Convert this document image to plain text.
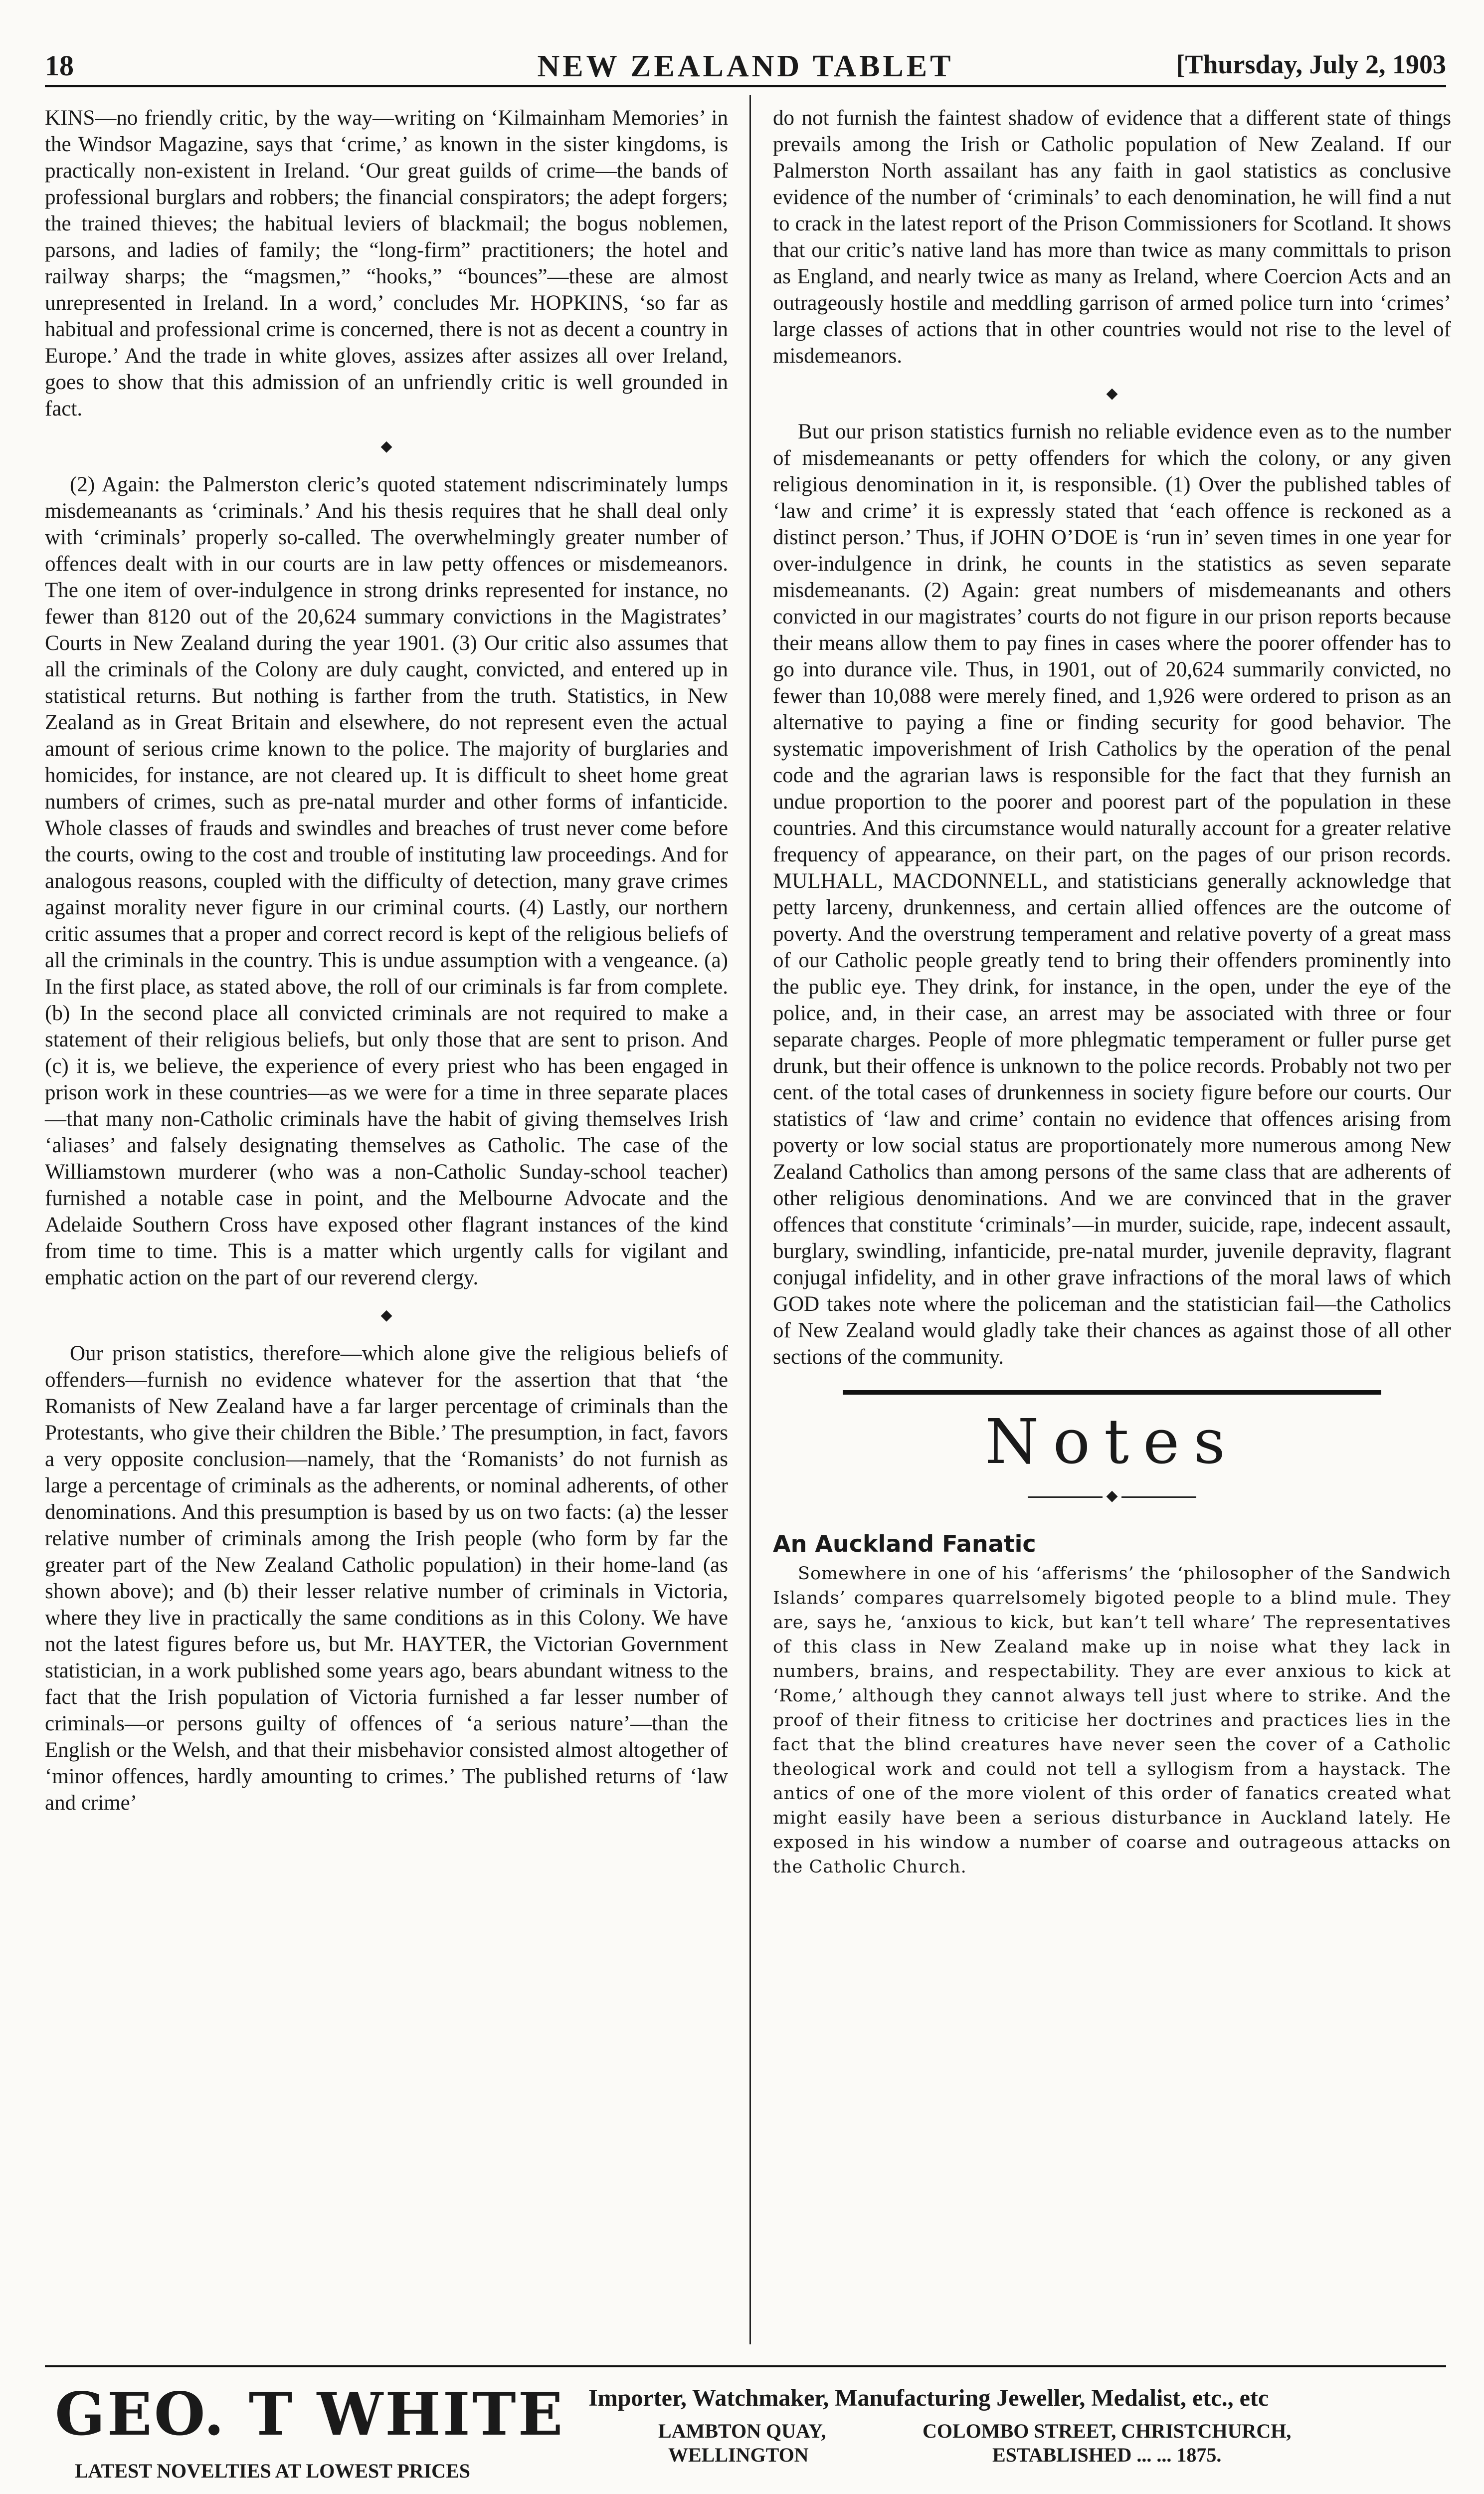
18	NEW ZEALAND TABLET	[Thursday, July 2, 1903

KINS—no friendly critic, by the way—writing on ‘Kilmainham Memories’ in the Windsor Magazine, says that ‘crime,’ as known in the sister kingdoms, is practically non-existent in Ireland. ‘Our great guilds of crime—the bands of professional burglars and robbers; the financial conspirators; the adept forgers; the trained thieves; the habitual leviers of blackmail; the bogus noblemen, parsons, and ladies of family; the “long-firm” practitioners; the hotel and railway sharps; the “magsmen,” “hooks,” “bounces”—these are almost unrepresented in Ireland. In a word,’ concludes Mr. HOPKINS, ‘so far as habitual and professional crime is concerned, there is not as decent a country in Europe.’ And the trade in white gloves, assizes after assizes all over Ireland, goes to show that this admission of an unfriendly critic is well grounded in fact.

◆

(2) Again: the Palmerston cleric’s quoted statement ndiscriminately lumps misdemeanants as ‘criminals.’ And his thesis requires that he shall deal only with ‘criminals’ properly so-called. The overwhelmingly greater number of offences dealt with in our courts are in law petty offences or misdemeanors. The one item of over-indulgence in strong drinks represented for instance, no fewer than 8120 out of the 20,624 summary convictions in the Magistrates’ Courts in New Zealand during the year 1901. (3) Our critic also assumes that all the criminals of the Colony are duly caught, convicted, and entered up in statistical returns. But nothing is farther from the truth. Statistics, in New Zealand as in Great Britain and elsewhere, do not represent even the actual amount of serious crime known to the police. The majority of burglaries and homicides, for instance, are not cleared up. It is difficult to sheet home great numbers of crimes, such as pre-natal murder and other forms of infanticide. Whole classes of frauds and swindles and breaches of trust never come before the courts, owing to the cost and trouble of instituting law proceedings. And for analogous reasons, coupled with the difficulty of detection, many grave crimes against morality never figure in our criminal courts. (4) Lastly, our northern critic assumes that a proper and correct record is kept of the religious beliefs of all the criminals in the country. This is undue assumption with a vengeance. (a) In the first place, as stated above, the roll of our criminals is far from complete. (b) In the second place all convicted criminals are not required to make a statement of their religious beliefs, but only those that are sent to prison. And (c) it is, we believe, the experience of every priest who has been engaged in prison work in these countries—as we were for a time in three separate places—that many non-Catholic criminals have the habit of giving themselves Irish ‘aliases’ and falsely designating themselves as Catholic. The case of the Williamstown murderer (who was a non-Catholic Sunday-school teacher) furnished a notable case in point, and the Melbourne Advocate and the Adelaide Southern Cross have exposed other flagrant instances of the kind from time to time. This is a matter which urgently calls for vigilant and emphatic action on the part of our reverend clergy.

◆

Our prison statistics, therefore—which alone give the religious beliefs of offenders—furnish no evidence whatever for the assertion that that ‘the Romanists of New Zealand have a far larger percentage of criminals than the Protestants, who give their children the Bible.’ The presumption, in fact, favors a very opposite conclusion—namely, that the ‘Romanists’ do not furnish as large a percentage of criminals as the adherents, or nominal adherents, of other denominations. And this presumption is based by us on two facts: (a) the lesser relative number of criminals among the Irish people (who form by far the greater part of the New Zealand Catholic population) in their home-land (as shown above); and (b) their lesser relative number of criminals in Victoria, where they live in practically the same conditions as in this Colony. We have not the latest figures before us, but Mr. HAYTER, the Victorian Government statistician, in a work published some years ago, bears abundant witness to the fact that the Irish population of Victoria furnished a far lesser number of criminals—or persons guilty of offences of ‘a serious nature’—than the English or the Welsh, and that their misbehavior consisted almost altogether of ‘minor offences, hardly amounting to crimes.’ The published returns of ‘law and crime’

do not furnish the faintest shadow of evidence that a different state of things prevails among the Irish or Catholic population of New Zealand. If our Palmerston North assailant has any faith in gaol statistics as conclusive evidence of the number of ‘criminals’ to each denomination, he will find a nut to crack in the latest report of the Prison Commissioners for Scotland. It shows that our critic’s native land has more than twice as many committals to prison as England, and nearly twice as many as Ireland, where Coercion Acts and an outrageously hostile and meddling garrison of armed police turn into ‘crimes’ large classes of actions that in other countries would not rise to the level of misdemeanors.

◆

But our prison statistics furnish no reliable evidence even as to the number of misdemeanants or petty offenders for which the colony, or any given religious denomination in it, is responsible. (1) Over the published tables of ‘law and crime’ it is expressly stated that ‘each offence is reckoned as a distinct person.’ Thus, if JOHN O’DOE is ‘run in’ seven times in one year for over-indulgence in drink, he counts in the statistics as seven separate misdemeanants. (2) Again: great numbers of misdemeanants and others convicted in our magistrates’ courts do not figure in our prison reports because their means allow them to pay fines in cases where the poorer offender has to go into durance vile. Thus, in 1901, out of 20,624 summarily convicted, no fewer than 10,088 were merely fined, and 1,926 were ordered to prison as an alternative to paying a fine or finding security for good behavior. The systematic impoverishment of Irish Catholics by the operation of the penal code and the agrarian laws is responsible for the fact that they furnish an undue proportion to the poorer and poorest part of the population in these countries. And this circumstance would naturally account for a greater relative frequency of appearance, on their part, on the pages of our prison records. MULHALL, MACDONNELL, and statisticians generally acknowledge that petty larceny, drunkenness, and certain allied offences are the outcome of poverty. And the overstrung temperament and relative poverty of a great mass of our Catholic people greatly tend to bring their offenders prominently into the public eye. They drink, for instance, in the open, under the eye of the police, and, in their case, an arrest may be associated with three or four separate charges. People of more phlegmatic temperament or fuller purse get drunk, but their offence is unknown to the police records. Probably not two per cent. of the total cases of drunkenness in society figure before our courts. Our statistics of ‘law and crime’ contain no evidence that offences arising from poverty or low social status are proportionately more numerous among New Zealand Catholics than among persons of the same class that are adherents of other religious denominations. And we are convinced that in the graver offences that constitute ‘criminals’—in murder, suicide, rape, indecent assault, burglary, swindling, infanticide, pre-natal murder, juvenile depravity, flagrant conjugal infidelity, and in other grave infractions of the moral laws of which GOD takes note where the policeman and the statistician fail—the Catholics of New Zealand would gladly take their chances as against those of all other sections of the community.

Notes
◆
An Auckland Fanatic

Somewhere in one of his ‘afferisms’ the ‘philosopher of the Sandwich Islands’ compares quarrelsomely bigoted people to a blind mule. They are, says he, ‘anxious to kick, but kan’t tell whare’ The representatives of this class in New Zealand make up in noise what they lack in numbers, brains, and respectability. They are ever anxious to kick at ‘Rome,’ although they cannot always tell just where to strike. And the proof of their fitness to criticise her doctrines and practices lies in the fact that the blind creatures have never seen the cover of a Catholic theological work and could not tell a syllogism from a haystack. The antics of one of the more violent of this order of fanatics created what might easily have been a serious disturbance in Auckland lately. He exposed in his window a number of coarse and outrageous attacks on the Catholic Church.

GEO. T WHITE
LATEST NOVELTIES AT LOWEST PRICES
Importer, Watchmaker, Manufacturing Jeweller, Medalist, etc., etc
LAMBTON QUAY,
WELLINGTON
COLOMBO STREET, CHRISTCHURCH,
ESTABLISHED ... ... 1875.
